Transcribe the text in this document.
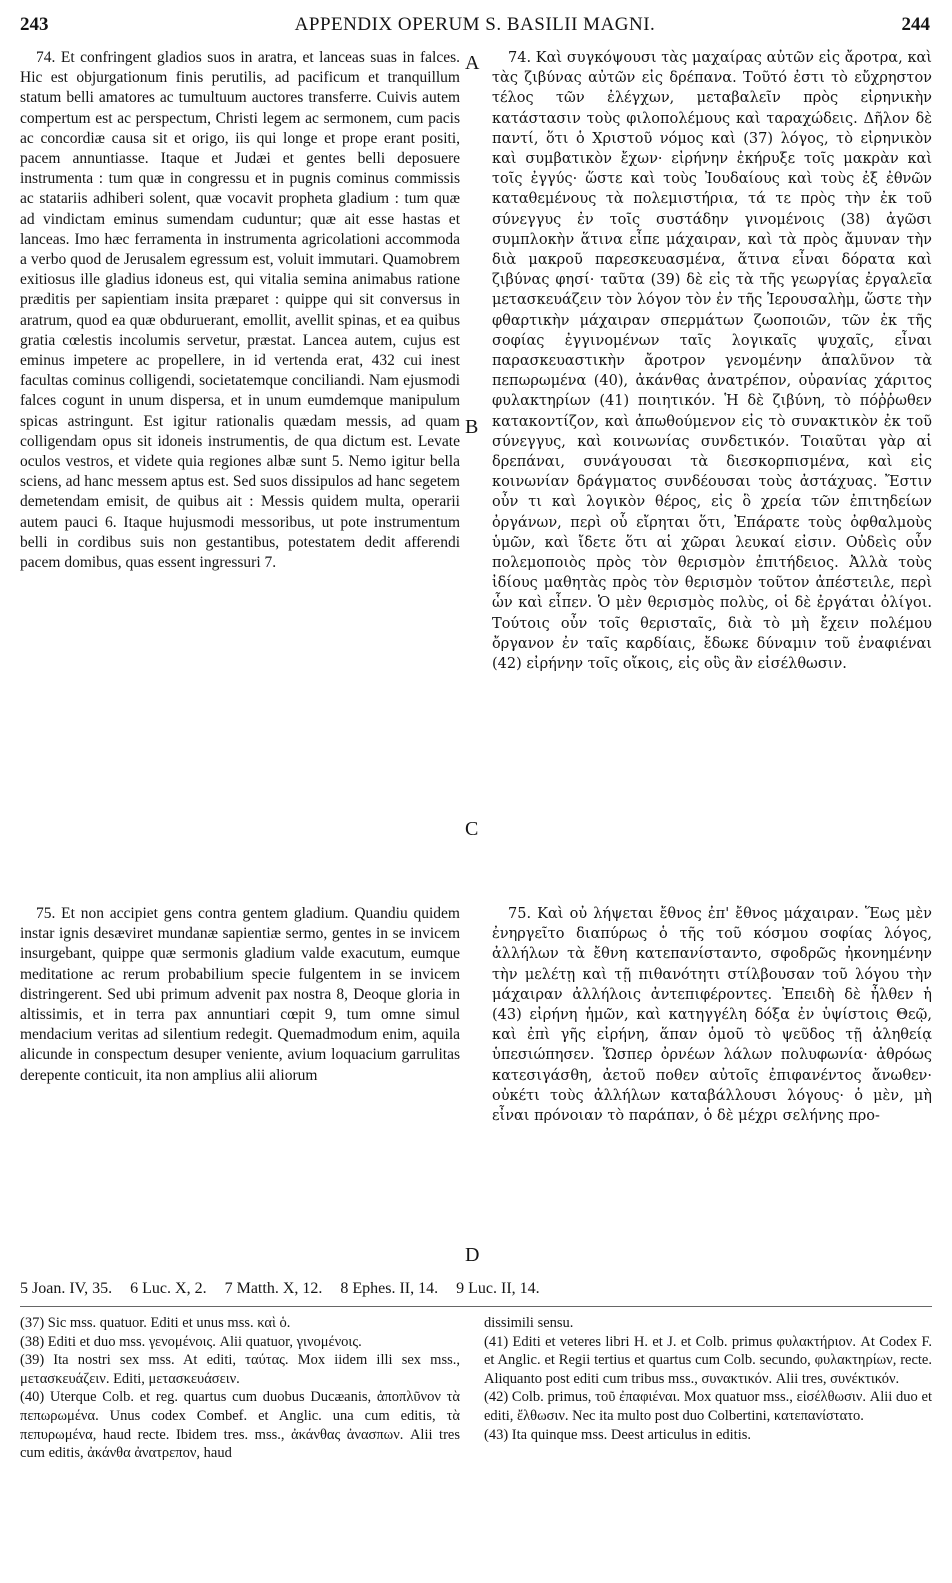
243	APPENDIX OPERUM S. BASILII MAGNI.	244
A
B
C
D

74. Et confringent gladios suos in aratra, et lanceas suas in falces. Hic est objurgationum finis perutilis, ad pacificum et tranquillum statum belli amatores ac tumultuum auctores transferre. Cuivis autem compertum est ac perspectum, Christi legem ac sermonem, cum pacis ac concordiæ causa sit et origo, iis qui longe et prope erant positi, pacem annuntiasse. Itaque et Judæi et gentes belli deposuere instrumenta : tum quæ in congressu et in pugnis cominus commissis ac statariis adhiberi solent, quæ vocavit propheta gladium : tum quæ ad vindictam eminus sumendam cuduntur; quæ ait esse hastas et lanceas. Imo hæc ferramenta in instrumenta agricolationi accommoda a verbo quod de Jerusalem egressum est, voluit immutari. Quamobrem exitiosus ille gladius idoneus est, qui vitalia semina animabus ratione præditis per sapientiam insita præparet : quippe qui sit conversus in aratrum, quod ea quæ obduruerant, emollit, avellit spinas, et ea quibus gratia cœlestis incolumis servetur, præstat. Lancea autem, cujus est eminus impetere ac propellere, in id vertenda erat, 432 cui inest facultas cominus colligendi, societatemque conciliandi. Nam ejusmodi falces cogunt in unum dispersa, et in unum eumdemque manipulum spicas astringunt. Est igitur rationalis quædam messis, ad quam colligendam opus sit idoneis instrumentis, de qua dictum est. Levate oculos vestros, et videte quia regiones albæ sunt 5. Nemo igitur bella sciens, ad hanc messem aptus est. Sed suos dissipulos ad hanc segetem demetendam emisit, de quibus ait : Messis quidem multa, operarii autem pauci 6. Itaque hujusmodi messoribus, ut pote instrumentum belli in cordibus suis non gestantibus, potestatem dedit afferendi pacem domibus, quas essent ingressuri 7.

74. Καὶ συγκόψουσι τὰς μαχαίρας αὐτῶν εἰς ἄροτρα, καὶ τὰς ζιβύνας αὐτῶν εἰς δρέπανα. Τοῦτό ἐστι τὸ εὔχρηστον τέλος τῶν ἐλέγχων, μεταβαλεῖν πρὸς εἰρηνικὴν κατάστασιν τοὺς φιλοπολέμους καὶ ταραχώδεις. Δῆλον δὲ παντί, ὅτι ὁ Χριστοῦ νόμος καὶ (37) λόγος, τὸ εἰρηνικὸν καὶ συμβατικὸν ἔχων· εἰρήνην ἐκήρυξε τοῖς μακρὰν καὶ τοῖς ἐγγύς· ὥστε καὶ τοὺς Ἰουδαίους καὶ τοὺς ἐξ ἐθνῶν καταθεμένους τὰ πολεμιστήρια, τά τε πρὸς τὴν ἐκ τοῦ σύνεγγυς ἐν τοῖς συστάδην γινομένοις (38) ἀγῶσι συμπλοκὴν ἅτινα εἶπε μάχαιραν, καὶ τὰ πρὸς ἄμυναν τὴν διὰ μακροῦ παρεσκευασμένα, ἅτινα εἶναι δόρατα καὶ ζιβύνας φησί· ταῦτα (39) δὲ εἰς τὰ τῆς γεωργίας ἐργαλεῖα μετασκευάζειν τὸν λόγον τὸν ἐν τῆς Ἱερουσαλὴμ, ὥστε τὴν φθαρτικὴν μάχαιραν σπερμάτων ζωοποιῶν, τῶν ἐκ τῆς σοφίας ἐγγινομένων ταῖς λογικαῖς ψυχαῖς, εἶναι παρασκευαστικὴν ἄροτρον γενομένην ἁπαλῦνον τὰ πεπωρωμένα (40), ἀκάνθας ἀνατρέπον, οὐρανίας χάριτος φυλακτηρίων (41) ποιητικόν. Ἡ δὲ ζιβύνη, τὸ πόῤῥωθεν κατακοντίζον, καὶ ἀπωθούμενον εἰς τὸ συνακτικὸν ἐκ τοῦ σύνεγγυς, καὶ κοινωνίας συνδετικόν. Τοιαῦται γὰρ αἱ δρεπάναι, συνάγουσαι τὰ διεσκορπισμένα, καὶ εἰς κοινωνίαν δράγματος συνδέουσαι τοὺς ἀστάχυας. Ἔστιν οὖν τι καὶ λογικὸν θέρος, εἰς ὃ χρεία τῶν ἐπιτηδείων ὀργάνων, περὶ οὗ εἴρηται ὅτι, Ἐπάρατε τοὺς ὀφθαλμοὺς ὑμῶν, καὶ ἴδετε ὅτι αἱ χῶραι λευκαί εἰσιν. Οὐδεὶς οὖν πολεμοποιὸς πρὸς τὸν θερισμὸν ἐπιτήδειος. Ἀλλὰ τοὺς ἰδίους μαθητὰς πρὸς τὸν θερισμὸν τοῦτον ἀπέστειλε, περὶ ὧν καὶ εἶπεν. Ὁ μὲν θερισμὸς πολὺς, οἱ δὲ ἐργάται ὀλίγοι. Τούτοις οὖν τοῖς θερισταῖς, διὰ τὸ μὴ ἔχειν πολέμου ὄργανον ἐν ταῖς καρδίαις, ἔδωκε δύναμιν τοῦ ἐναφιέναι (42) εἰρήνην τοῖς οἴκοις, εἰς οὓς ἂν εἰσέλθωσιν.

75. Et non accipiet gens contra gentem gladium. Quandiu quidem instar ignis desæviret mundanæ sapientiæ sermo, gentes in se invicem insurgebant, quippe quæ sermonis gladium valde exacutum, eumque meditatione ac rerum probabilium specie fulgentem in se invicem distringerent. Sed ubi primum advenit pax nostra 8, Deoque gloria in altissimis, et in terra pax annuntiari cœpit 9, tum omne simul mendacium veritas ad silentium redegit. Quemadmodum enim, aquila alicunde in conspectum desuper veniente, avium loquacium garrulitas derepente conticuit, ita non amplius alii aliorum

75. Καὶ οὐ λήψεται ἔθνος ἐπ' ἔθνος μάχαιραν. Ἕως μὲν ἐνηργεῖτο διαπύρως ὁ τῆς τοῦ κόσμου σοφίας λόγος, ἀλλήλων τὰ ἔθνη κατεπανίσταντο, σφοδρῶς ἠκονημένην τὴν μελέτῃ καὶ τῇ πιθανότητι στίλβουσαν τοῦ λόγου τὴν μάχαιραν ἀλλήλοις ἀντεπιφέροντες. Ἐπειδὴ δὲ ἦλθεν ἡ (43) εἰρήνη ἡμῶν, καὶ κατηγγέλη δόξα ἐν ὑψίστοις Θεῷ, καὶ ἐπὶ γῆς εἰρήνη, ἅπαν ὁμοῦ τὸ ψεῦδος τῇ ἀληθείᾳ ὑπεσιώπησεν. Ὥσπερ ὀρνέων λάλων πολυφωνία· ἀθρόως κατεσιγάσθη, ἀετοῦ ποθεν αὐτοῖς ἐπιφανέντος ἄνωθεν· οὐκέτι τοὺς ἀλλήλων καταβάλλουσι λόγους· ὁ μὲν, μὴ εἶναι πρόνοιαν τὸ παράπαν, ὁ δὲ μέχρι σελήνης προ-

5 Joan. IV, 35. 6 Luc. X, 2. 7 Matth. X, 12. 8 Ephes. II, 14. 9 Luc. II, 14.

(37) Sic mss. quatuor. Editi et unus mss. καὶ ὁ.

(38) Editi et duo mss. γενομένοις. Alii quatuor, γινομένοις.

(39) Ita nostri sex mss. At editi, ταύτας. Mox iidem illi sex mss., μετασκευάζειν. Editi, μετασκευάσειν.

(40) Uterque Colb. et reg. quartus cum duobus Ducæanis, ἀποπλῦνον τὰ πεπωρωμένα. Unus codex Combef. et Anglic. una cum editis, τὰ πεπυρωμένα, haud recte. Ibidem tres. mss., ἀκάνθας ἀνασπων. Alii tres cum editis, ἀκάνθα ἀνατρεπον, haud

dissimili sensu.

(41) Editi et veteres libri H. et J. et Colb. primus φυλακτήριον. At Codex F. et Anglic. et Regii tertius et quartus cum Colb. secundo, φυλακτηρίων, recte. Aliquanto post editi cum tribus mss., συνακτικόν. Alii tres, συνέκτικόν.

(42) Colb. primus, τοῦ ἐπαφιέναι. Mox quatuor mss., εἰσέλθωσιν. Alii duo et editi, ἔλθωσιν. Nec ita multo post duo Colbertini, κατεπανίστατο.

(43) Ita quinque mss. Deest articulus in editis.
